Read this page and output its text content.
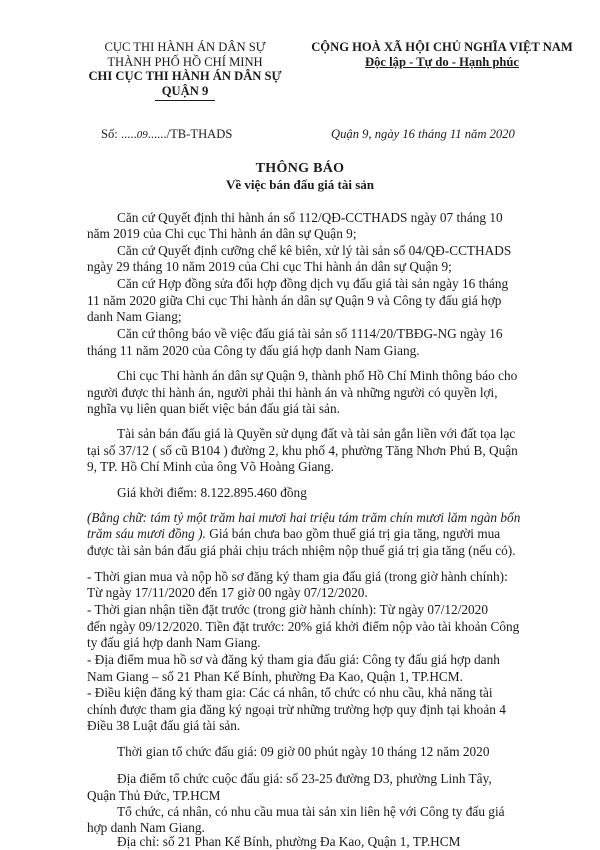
CỤC THI HÀNH ÁN DÂN SỰ
THÀNH PHỐ HỒ CHÍ MINH
CHI CỤC THI HÀNH ÁN DÂN SỰ
QUẬN 9
CỘNG HOÀ XÃ HỘI CHỦ NGHĨA VIỆT NAM
Độc lập - Tự do - Hạnh phúc
Số: .....09....../TB-THADS	Quận 9, ngày 16 tháng 11 năm 2020
THÔNG BÁO
Về việc bán đấu giá tài sản
Căn cứ Quyết định thi hành án số 112/QĐ-CCTHADS ngày 07 tháng 10
năm 2019 của Chi cục Thi hành án dân sự Quận 9;
Căn cứ Quyết định cưỡng chế kê biên, xử lý tài sản số 04/QĐ-CCTHADS
ngày 29 tháng 10 năm 2019 của Chi cục Thi hành án dân sự Quận 9;
Căn cứ Hợp đồng sửa đổi hợp đồng dịch vụ đấu giá tài sản ngày 16 tháng
11 năm 2020 giữa Chi cục Thi hành án dân sự Quận 9 và Công ty đấu giá hợp
danh Nam Giang;
Căn cứ thông báo về việc đấu giá tài sản số 1114/20/TBĐG-NG ngày 16
tháng 11 năm 2020 của Công ty đấu giá hợp danh Nam Giang.
Chi cục Thi hành án dân sự Quận 9, thành phố Hồ Chí Minh thông báo cho
người được thi hành án, người phải thi hành án và những người có quyền lợi,
nghĩa vụ liên quan biết việc bán đấu giá tài sản.
Tài sản bán đấu giá là Quyền sử dụng đất và tài sản gắn liền với đất tọa lạc
tại số 37/12 ( số cũ B104 ) đường 2, khu phố 4, phường Tăng Nhơn Phú B, Quận
9, TP. Hồ Chí Minh của ông Võ Hoàng Giang.
Giá khởi điểm: 8.122.895.460 đồng
(Bằng chữ: tám tỷ một trăm hai mươi hai triệu tám trăm chín mươi lăm ngàn bốn
trăm sáu mươi đồng ). Giá bán chưa bao gồm thuế giá trị gia tăng, người mua
được tài sản bán đấu giá phải chịu trách nhiệm nộp thuế giá trị gia tăng (nếu có).
- Thời gian mua và nộp hồ sơ đăng ký tham gia đấu giá (trong giờ hành chính):
Từ ngày 17/11/2020 đến 17 giờ 00 ngày 07/12/2020.
- Thời gian nhận tiền đặt trước (trong giờ hành chính): Từ ngày 07/12/2020
đến ngày 09/12/2020. Tiền đặt trước: 20% giá khởi điểm nộp vào tài khoản Công
ty đấu giá hợp danh Nam Giang.
- Địa điểm mua hồ sơ và đăng ký tham gia đấu giá: Công ty đấu giá hợp danh
Nam Giang – số 21 Phan Kế Bính, phường Đa Kao, Quận 1, TP.HCM.
- Điều kiện đăng ký tham gia: Các cá nhân, tổ chức có nhu cầu, khả năng tài
chính được tham gia đăng ký ngoại trừ những trường hợp quy định tại khoản 4
Điều 38 Luật đấu giá tài sản.
Thời gian tổ chức đấu giá: 09 giờ 00 phút ngày 10 tháng 12 năm 2020
Địa điểm tổ chức cuộc đấu giá: số 23-25 đường D3, phường Linh Tây,
Quận Thủ Đức, TP.HCM
Tổ chức, cá nhân, có nhu cầu mua tài sản xin liên hệ với Công ty đấu giá
hợp danh Nam Giang.
Địa chỉ: số 21 Phan Kế Bính, phường Đa Kao, Quận 1, TP.HCM
